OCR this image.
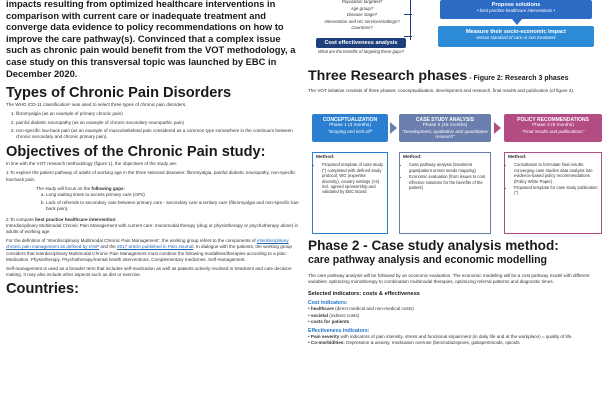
impacts resulting from optimized healthcare interventions in comparison with current care or inadequate treatment and converge data evidence to policy recommendations on how to improve the care pathway(s). Convinced that a complex issue such as chronic pain would benefit from the VOT methodology, a case study on this transversal topic was launched by EBC in December 2020.
Types of Chronic Pain Disorders

The WHO ICD-11 classification¹ was used to select three types of chronic pain disorders.

1. fibromyalgia (as an example of primary chronic pain)
2. painful diabetic neuropathy (as an example of chronic secondary neuropathic pain)
3. non-specific low-back pain (as an example of musculoskeletal pain considered as a common type somewhere in the continuum between chronic secondary and chronic primary pain).
Objectives of the Chronic Pain study:

In line with the VOT research methodology (figure 1), the objectives of the study are:

1.To explore the patient pathway of adults of working age in the three selected diseases: fibromyalgia, painful diabetic neuropathy, non-specific low-back pain.

The study will focus on the following gaps:

a. Long waiting times to access primary care (GPs)
b. Lack of referrals to secondary care between primary care - secondary care & tertiary care (fibromyalgia and non-specific low-back pain).

2.To compare best practice healthcare intervention:

Interdisciplinary Multimodal Chronic Pain Management with current care: monomodal therapy (drug or physiotherapy or psychotherapy alone) in adults of working age

For the definition of 'Interdisciplinary Multimodal Chronic Pain Management', the working group refers to the components of interdisciplinary chronic pain management as defined by IASP and the 2017 article published in Pain Journal. In dialogue with the patients, the working group considers that interdisciplinary Multimodal Chronic Pain Management must combine the following modalities/therapies according to a plan: Medication. Physiotherapy. Psychotherapy/mental health interventions. Complementary medicines. Self-management.

Self-management is used as a broader term that includes self-medication as well as patients actively involved in treatment and care decision-making. It may also include other aspects such as diet or exercise.

Countries:
Population targeted?
Age group?
Disease stage?
Intervention and HC services/settings?
Countries?
Propose solutions
• best practice healthcare interventions •
Measure their socio-economic impact
versus standard of care or non treatment
Cost effectiveness analysis
What are the benefits of targeting these gaps?
Three Research phases - Figure 2: Research 3 phases
The VOT initiative consists of three phases: conceptualisation, development and research, final results and publication (of figure 2).
CONCEPTUALIZATION
Phase 1 (3 months)
"Scoping and kick-off"
CASE STUDY ANALYSIS
Phase 2 (15 months)
"Development, qualitative and quantitative research"
POLICY RECOMMENDATIONS
Phase 3 (6 months)
"Final results and publications"
Method:
• Proposed template of case study (") completed with defined study protocol, WG (expertise diversity), country settings (>3) incl. agreed sponsorship and validated by EBC Board
Method:
• Case pathway analysis (treatment gaps/patient unmet needs mapping)
• Economic evaluation (from issues to cost effective solutions for the benefits of the patient)
Method:
• Consultation to formulate final results: converging case studies data analysis into evidence-based policy recommendations (Policy White Paper)
• Proposed template for case study publication (")
Phase 2 - Case study analysis method:
care pathway analysis and economic modelling
The care pathway analysis will be followed by an economic evaluation. The economic modelling will be a cost pathway model with different variables: optimizing monotherapy to combination multimodal therapies, optimizing referral patterns and diagnostic times.
Selected indicators: costs & effectiveness
Cost indicators:
• healthcare (direct medical and non-medical costs)
• societal (indirect costs)
• costs for patients
Effectiveness indicators:
• Pain severity with indicators of pain intensity, stress and functional impairment (in daily life and at the workplace) = quality of life.
• Co-morbidities: Depression & anxiety, medication overuse (benzodiazepines, gabapentinoids, opioids
